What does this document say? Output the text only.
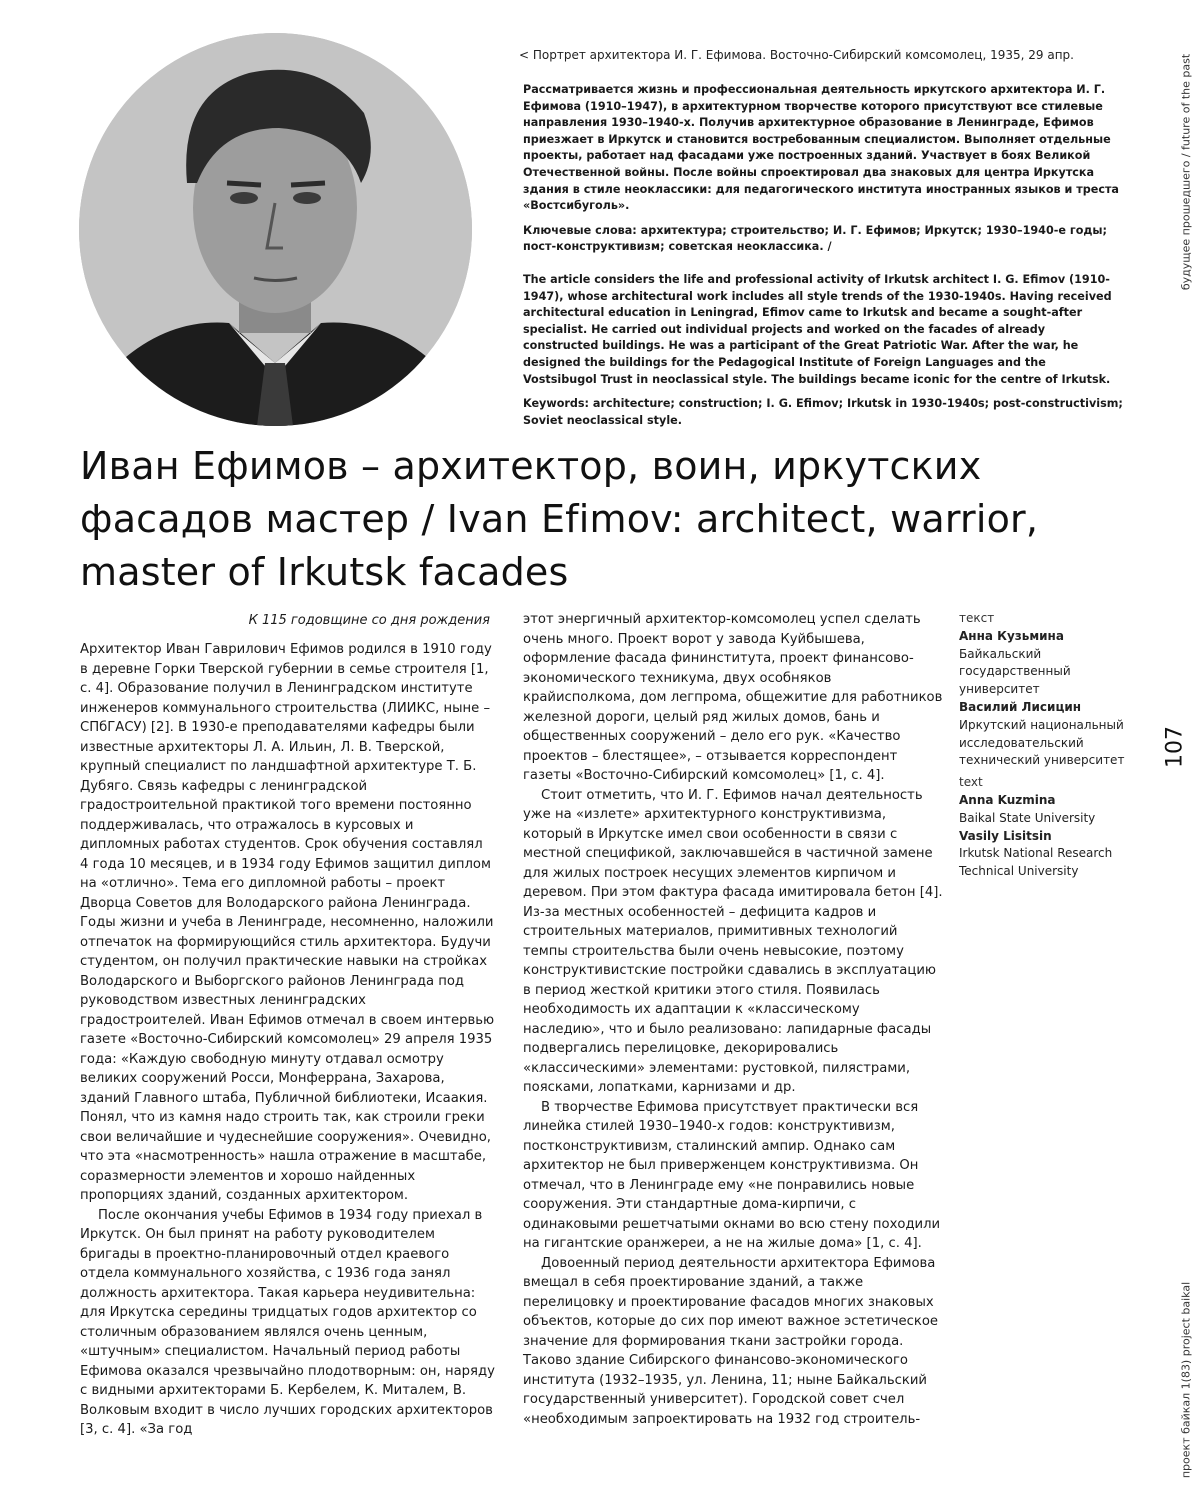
< Портрет архитектора И. Г. Ефимова. Восточно-Сибирский комсомолец, 1935, 29 апр.

Рассматривается жизнь и профессиональная деятельность иркутского архитектора И. Г. Ефимова (1910–1947), в архитектурном творчестве которого присутствуют все стилевые направления 1930–1940-х. Получив архитектурное образование в Ленинграде, Ефимов приезжает в Иркутск и становится востребованным специалистом. Выполняет отдельные проекты, работает над фасадами уже построенных зданий. Участвует в боях Великой Отечественной войны. После войны спроектировал два знаковых для центра Иркутска здания в стиле неоклассики: для педагогического института иностранных языков и треста «Востсибуголь».

Ключевые слова: архитектура; строительство; И. Г. Ефимов; Иркутск; 1930–1940-е годы; пост-конструктивизм; советская неоклассика. /

The article considers the life and professional activity of Irkutsk architect I. G. Efimov (1910-1947), whose architectural work includes all style trends of the 1930-1940s. Having received architectural education in Leningrad, Efimov came to Irkutsk and became a sought-after specialist. He carried out individual projects and worked on the facades of already constructed buildings. He was a participant of the Great Patriotic War. After the war, he designed the buildings for the Pedagogical Institute of Foreign Languages and the Vostsibugol Trust in neoclassical style. The buildings became iconic for the centre of Irkutsk.

Keywords: architecture; construction; I. G. Efimov; Irkutsk in 1930-1940s; post-constructivism; Soviet neoclassical style.

Иван Ефимов – архитектор, воин, иркутских фасадов мастер / Ivan Efimov: architect, warrior, master of Irkutsk facades
К 115 годовщине со дня рождения

Архитектор Иван Гаврилович Ефимов родился в 1910 году в деревне Горки Тверской губернии в семье строителя [1, с. 4]. Образование получил в Ленинградском институте инженеров коммунального строительства (ЛИИКС, ныне – СПбГАСУ) [2]. В 1930-е преподавателями кафедры были известные архитекторы Л. А. Ильин, Л. В. Тверской, крупный специалист по ландшафтной архитектуре Т. Б. Дубяго. Связь кафедры с ленинградской градостроительной практикой того времени постоянно поддерживалась, что отражалось в курсовых и дипломных работах студентов. Срок обучения составлял 4 года 10 месяцев, и в 1934 году Ефимов защитил диплом на «отлично». Тема его дипломной работы – проект Дворца Советов для Володарского района Ленинграда. Годы жизни и учеба в Ленинграде, несомненно, наложили отпечаток на формирующийся стиль архитектора. Будучи студентом, он получил практические навыки на стройках Володарского и Выборгского районов Ленинграда под руководством известных ленинградских градостроителей. Иван Ефимов отмечал в своем интервью газете «Восточно-Сибирский комсомолец» 29 апреля 1935 года: «Каждую свободную минуту отдавал осмотру великих сооружений Росси, Монферрана, Захарова, зданий Главного штаба, Публичной библиотеки, Исаакия. Понял, что из камня надо строить так, как строили греки свои величайшие и чудеснейшие сооружения». Очевидно, что эта «насмотренность» нашла отражение в масштабе, соразмерности элементов и хорошо найденных пропорциях зданий, созданных архитектором.

После окончания учебы Ефимов в 1934 году приехал в Иркутск. Он был принят на работу руководителем бригады в проектно-планировочный отдел краевого отдела коммунального хозяйства, с 1936 года занял должность архитектора. Такая карьера неудивительна: для Иркутска середины тридцатых годов архитектор со столичным образованием являлся очень ценным, «штучным» специалистом. Начальный период работы Ефимова оказался чрезвычайно плодотворным: он, наряду с видными архитекторами Б. Кербелем, К. Миталем, В. Волковым входит в число лучших городских архитекторов [3, с. 4]. «За год

этот энергичный архитектор-комсомолец успел сделать очень много. Проект ворот у завода Куйбышева, оформление фасада фининститута, проект финансово-экономического техникума, двух особняков крайисполкома, дом легпрома, общежитие для работников железной дороги, целый ряд жилых домов, бань и общественных сооружений – дело его рук. «Качество проектов – блестящее», – отзывается корреспондент газеты «Восточно-Сибирский комсомолец» [1, с. 4].

Стоит отметить, что И. Г. Ефимов начал деятельность уже на «излете» архитектурного конструктивизма, который в Иркутске имел свои особенности в связи с местной спецификой, заключавшейся в частичной замене для жилых построек несущих элементов кирпичом и деревом. При этом фактура фасада имитировала бетон [4]. Из-за местных особенностей – дефицита кадров и строительных материалов, примитивных технологий темпы строительства были очень невысокие, поэтому конструктивистские постройки сдавались в эксплуатацию в период жесткой критики этого стиля. Появилась необходимость их адаптации к «классическому наследию», что и было реализовано: лапидарные фасады подвергались перелицовке, декорировались «классическими» элементами: рустовкой, пилястрами, поясками, лопатками, карнизами и др.

В творчестве Ефимова присутствует практически вся линейка стилей 1930–1940-х годов: конструктивизм, постконструктивизм, сталинский ампир. Однако сам архитектор не был приверженцем конструктивизма. Он отмечал, что в Ленинграде ему «не понравились новые сооружения. Эти стандартные дома-кирпичи, с одинаковыми решетчатыми окнами во всю стену походили на гигантские оранжереи, а не на жилые дома» [1, с. 4].

Довоенный период деятельности архитектора Ефимова вмещал в себя проектирование зданий, а также перелицовку и проектирование фасадов многих знаковых объектов, которые до сих пор имеют важное эстетическое значение для формирования ткани застройки города. Таково здание Сибирского финансово-экономического института (1932–1935, ул. Ленина, 11; ныне Байкальский государственный университет). Городской совет счел «необходимым запроектировать на 1932 год строитель-

текст
Анна Кузьмина
Байкальский государственный университет
Василий Лисицин
Иркутский национальный исследовательский технический университет
text
Anna Kuzmina
Baikal State University
Vasily Lisitsin
Irkutsk National Research Technical University
будущее прошедшего / future of the past
107
проект байкал 1(83) project baikal
